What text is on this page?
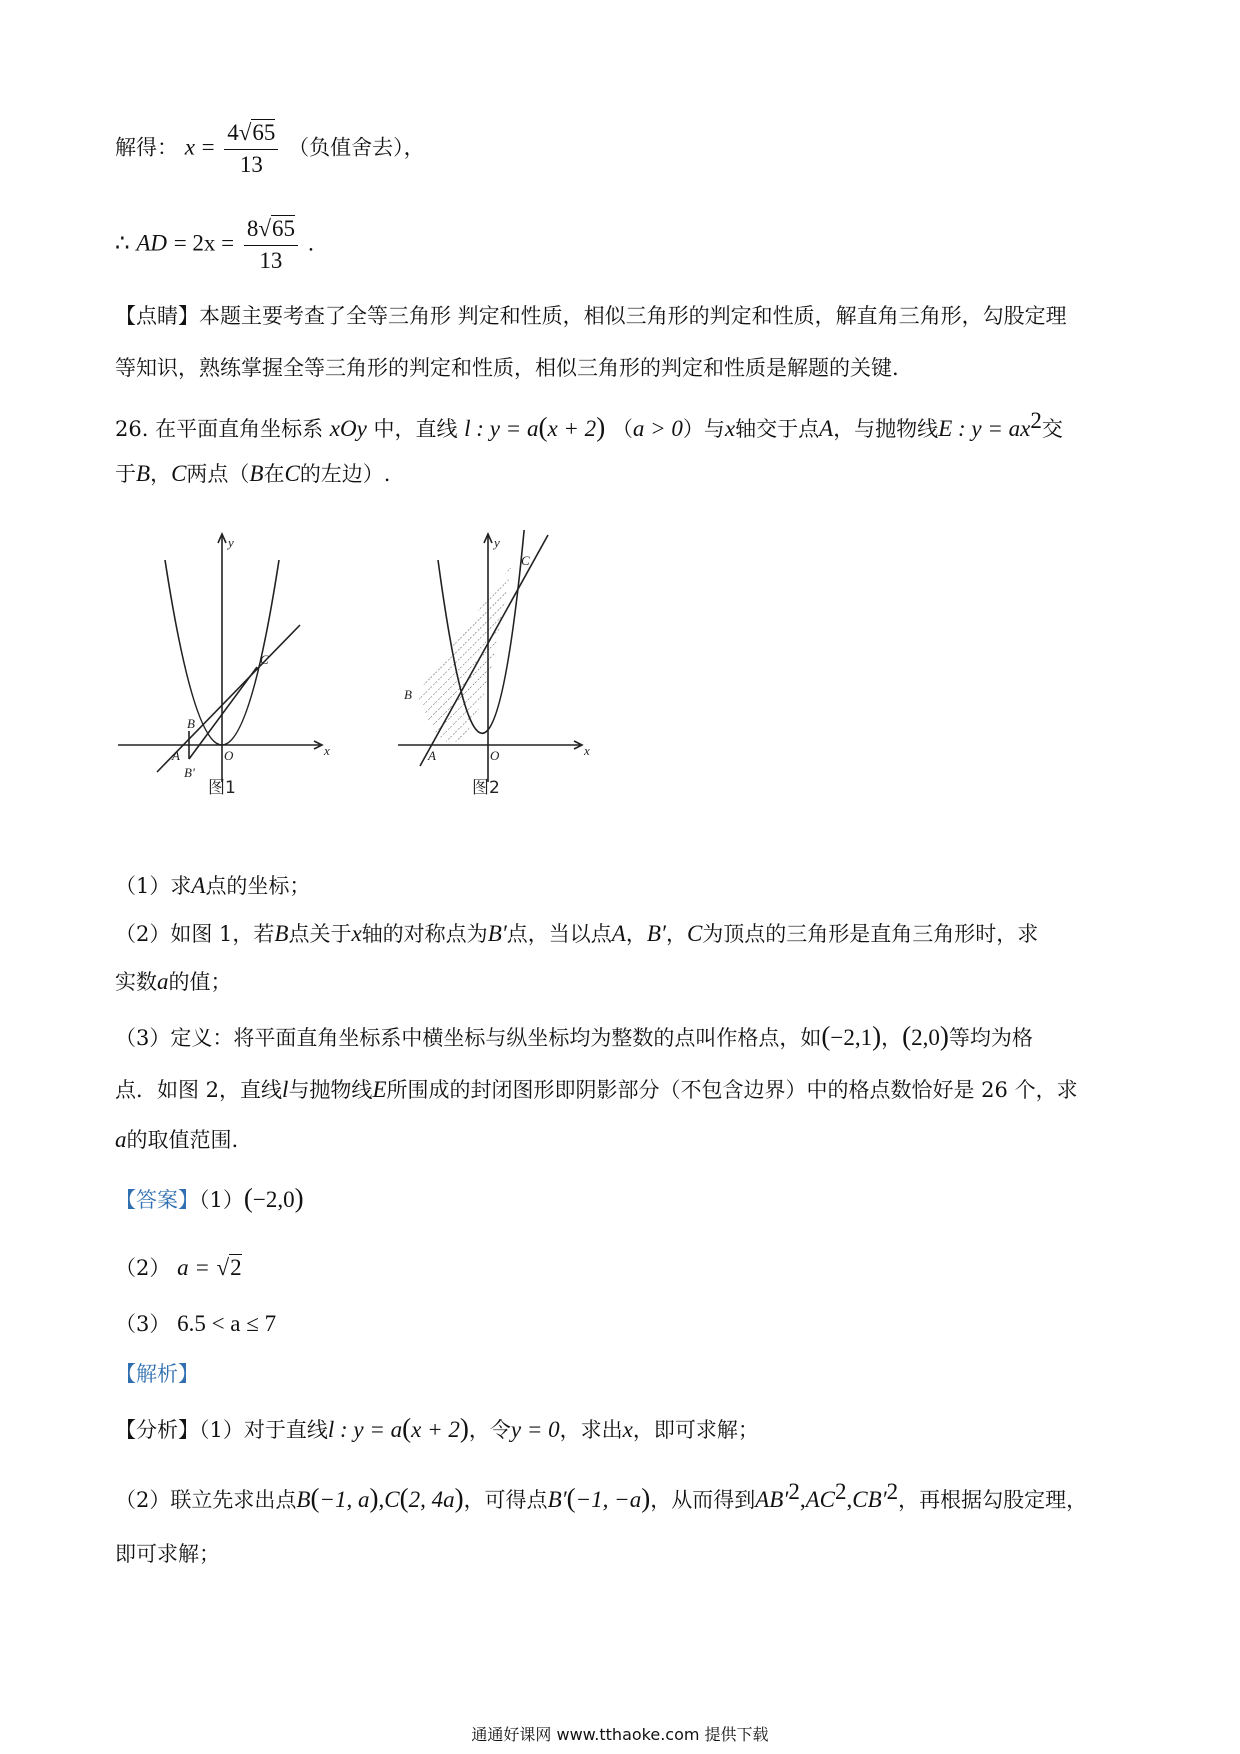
解得： $x = \frac{4√65}{13}$ （负值舍去），
∴ AD = $2x = \frac{8√65}{13}$ .
【点睛】本题主要考查了全等三角形 判定和性质，相似三角形的判定和性质，解直角三角形，勾股定理
等知识，熟练掌握全等三角形的判定和性质，相似三角形的判定和性质是解题的关键.
26. 在平面直角坐标系 xOy 中，直线 l : y = a(x + 2) （a > 0）与x轴交于点A，与抛物线E : $y = ax^2$交
于B，C两点（B在C的左边）.
x
y
C
B
A	O
B'
图1
x
y
C
B
A	O
图2
（1）求A点的坐标；
（2）如图 1，若B点关于x轴的对称点为B′点，当以点A，B′，C为顶点的三角形是直角三角形时，求
实数a的值；
（3）定义：将平面直角坐标系中横坐标与纵坐标均为整数的点叫作格点，如(−2,1)，(2,0)等均为格
点．如图 2，直线l与抛物线E所围成的封闭图形即阴影部分（不包含边界）中的格点数恰好是 26 个，求
a的取值范围.
【答案】（1）(−2,0)
（2） a = √2
（3） 6.5 < a ≤ 7
【解析】
【分析】（1）对于直线l : y = a(x + 2)，令y = 0，求出x，即可求解；
（2）联立先求出点B(−1, a),C(2, 4a)，可得点B′(−1, −a)，从而得到$AB'^2,AC^2,CB'^2$，再根据勾股定理，
即可求解；
通通好课网 www.tthaoke.com 提供下载
